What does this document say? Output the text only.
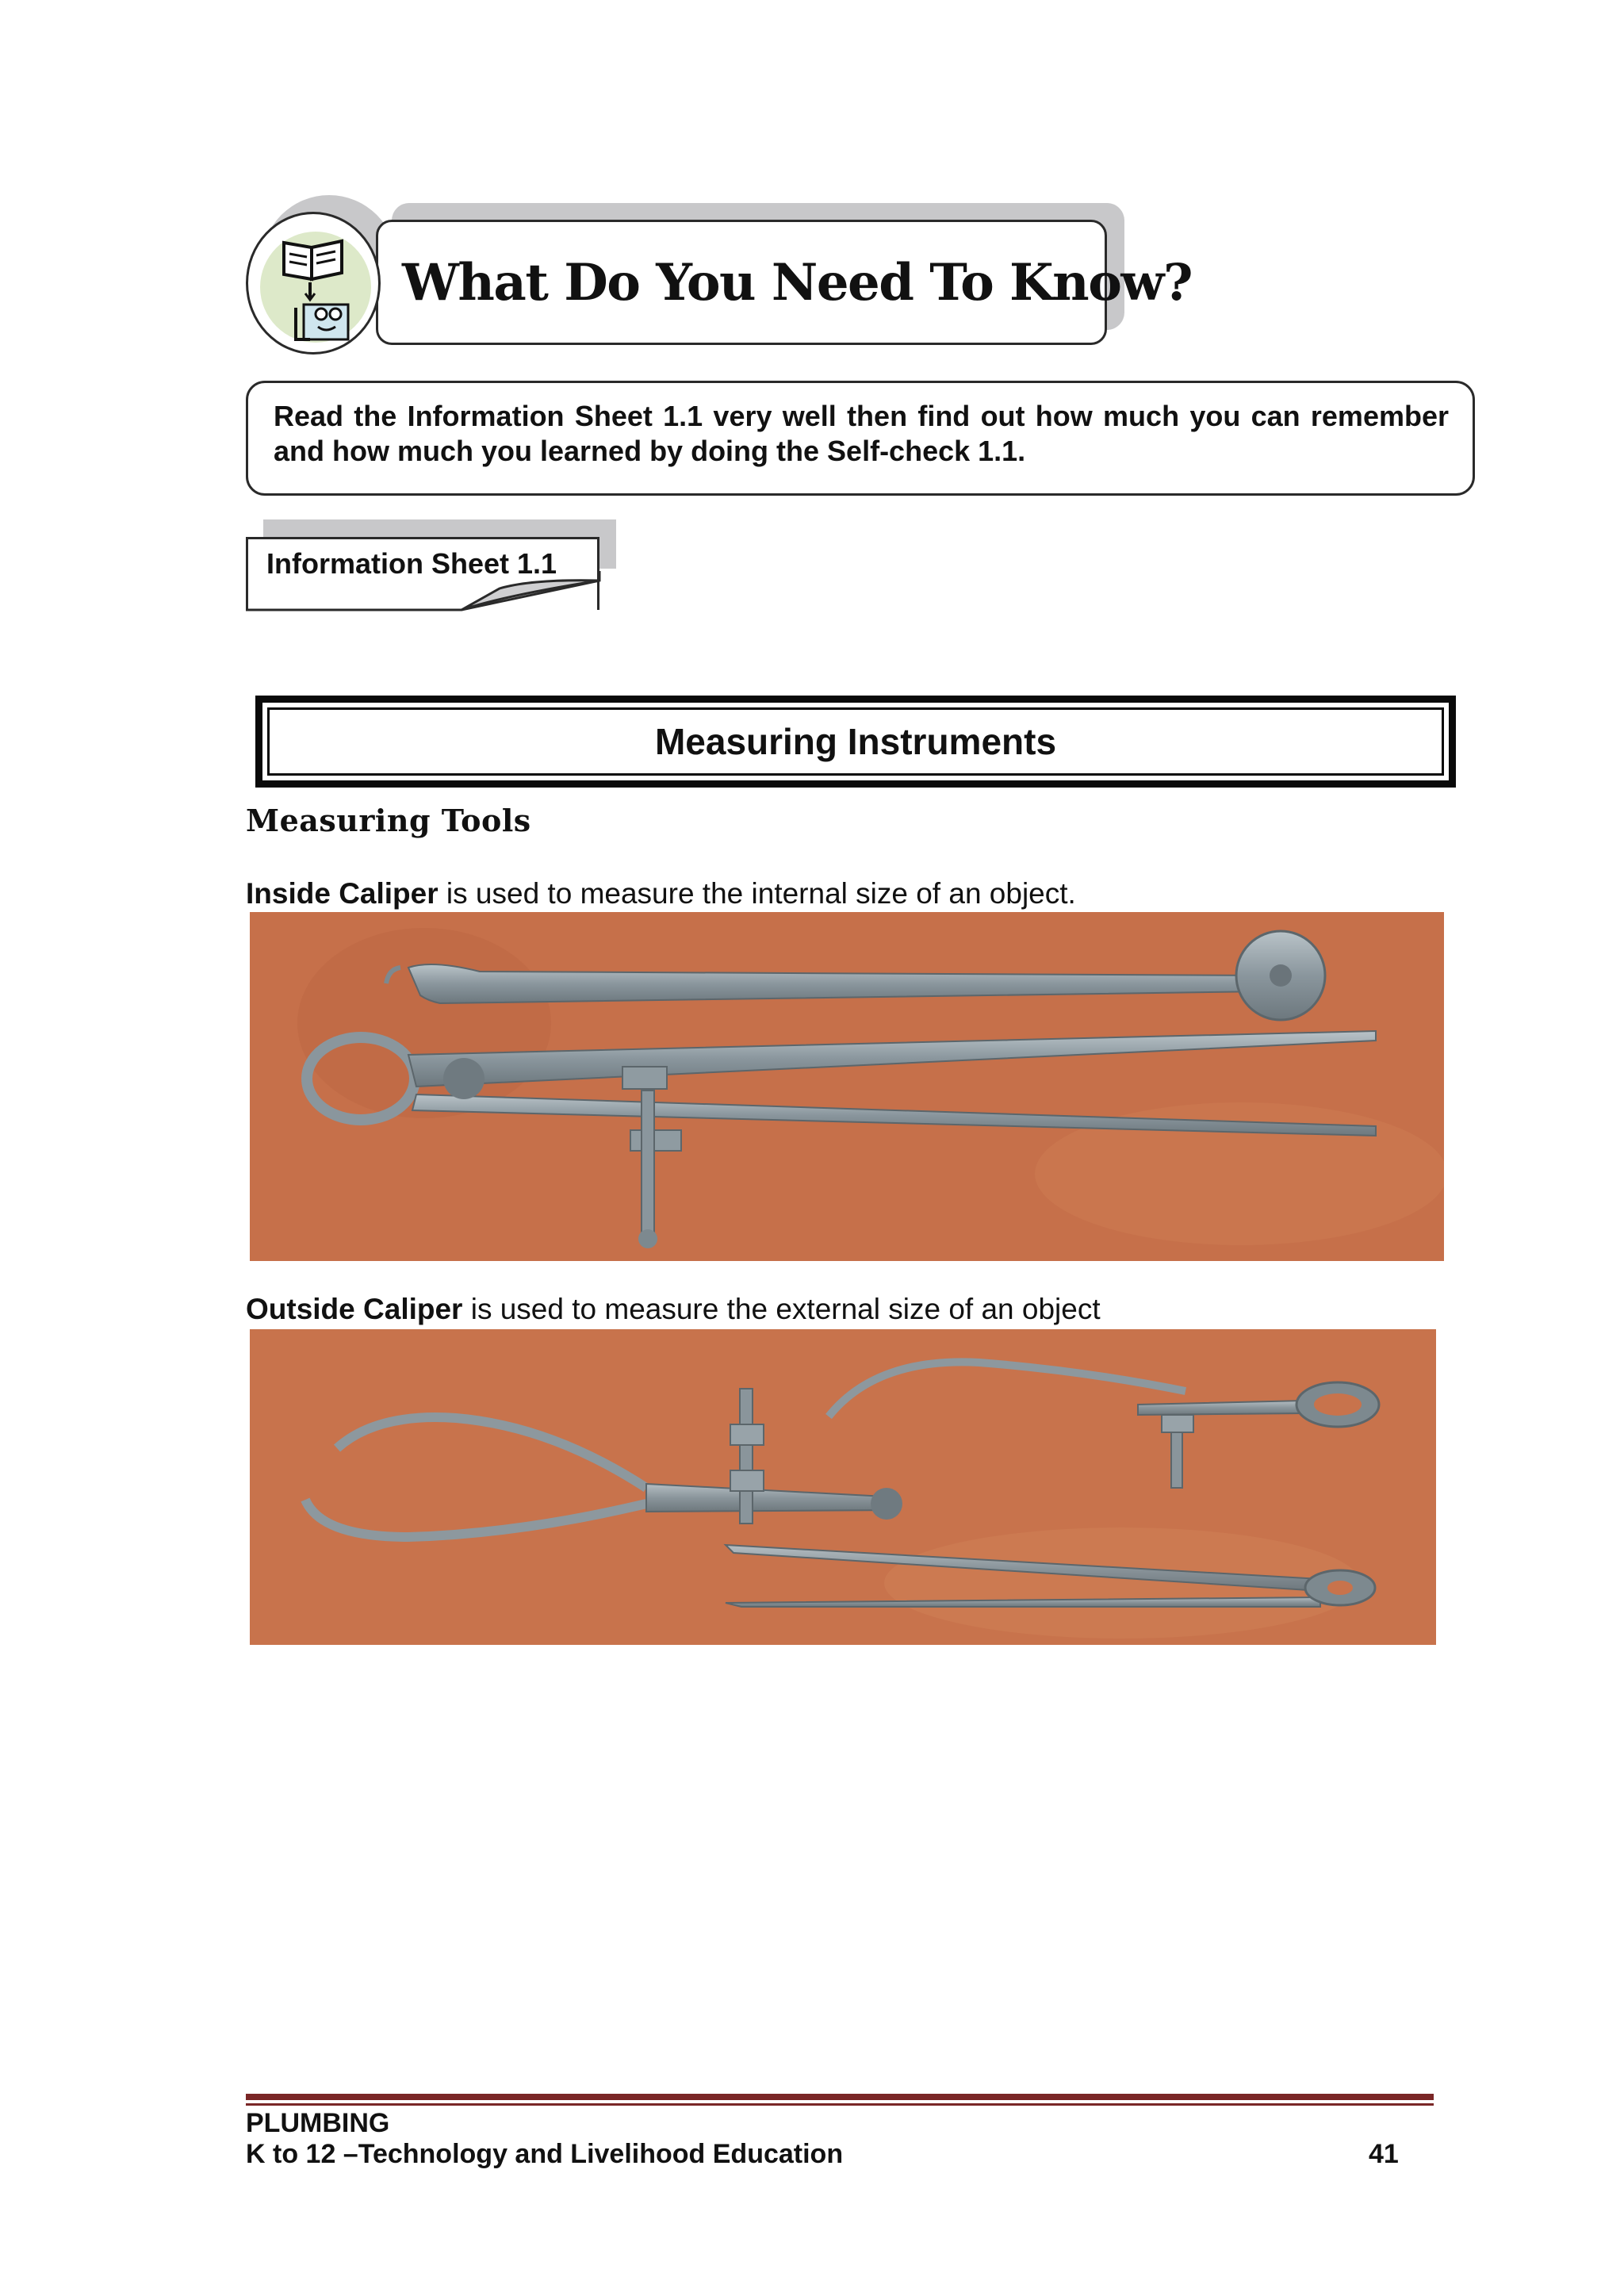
What Do You Need To Know?
Read the Information Sheet 1.1 very well then find out how much you can remember and how much you learned by doing the Self-check 1.1.
Information Sheet 1.1
Measuring Instruments
Measuring Tools
Inside Caliper is used to measure the internal size of an object.
Outside Caliper is used to measure the external size of an object
PLUMBING
K to 12 –Technology and Livelihood Education	41
